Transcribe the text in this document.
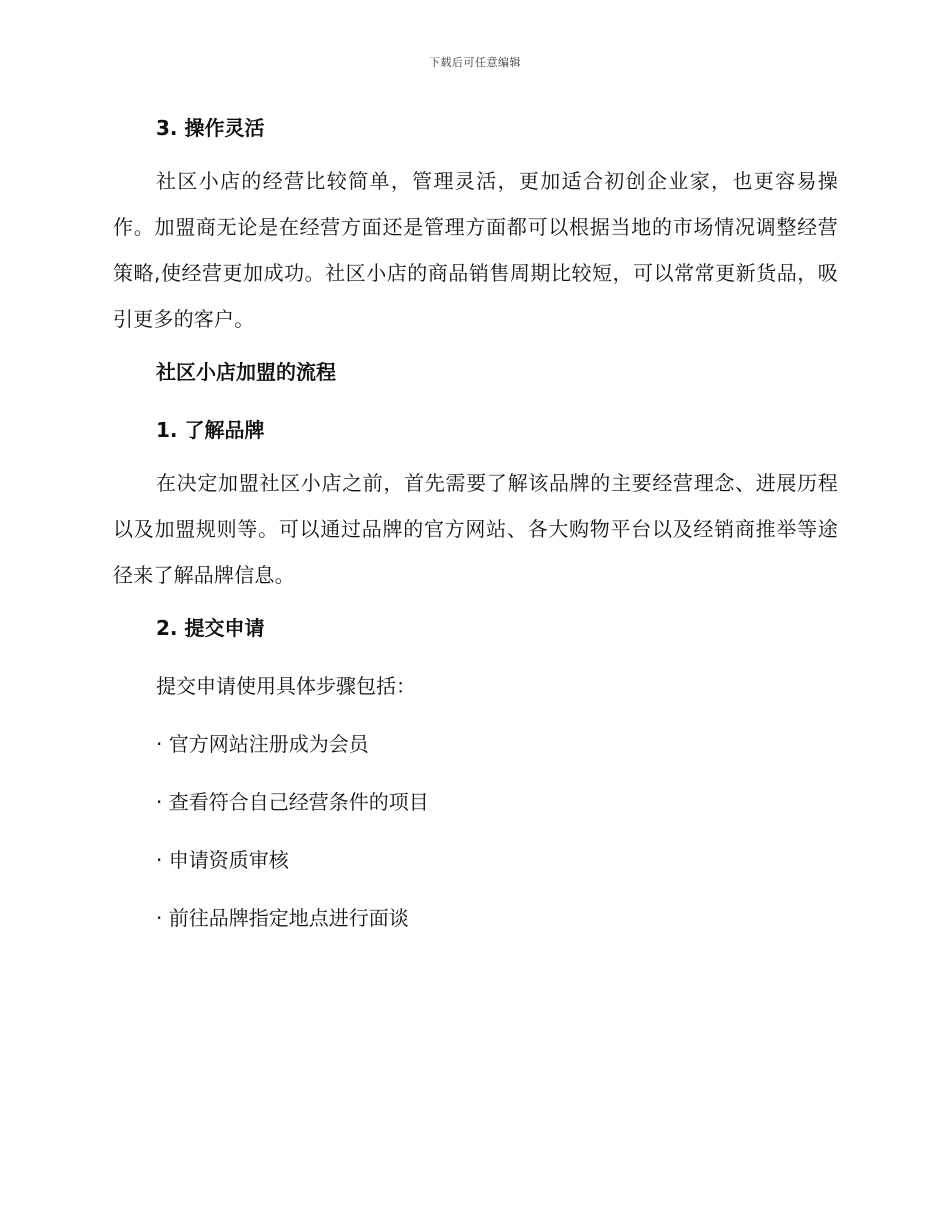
下载后可任意编辑

3. 操作灵活

社区小店的经营比较简单，管理灵活，更加适合初创企业家，也更容易操作。加盟商无论是在经营方面还是管理方面都可以根据当地的市场情况调整经营策略,使经营更加成功。社区小店的商品销售周期比较短，可以常常更新货品，吸引更多的客户。

社区小店加盟的流程

1. 了解品牌

在决定加盟社区小店之前，首先需要了解该品牌的主要经营理念、进展历程以及加盟规则等。可以通过品牌的官方网站、各大购物平台以及经销商推举等途径来了解品牌信息。

2. 提交申请

提交申请使用具体步骤包括：

· 官方网站注册成为会员

· 查看符合自己经营条件的项目

· 申请资质审核

· 前往品牌指定地点进行面谈
